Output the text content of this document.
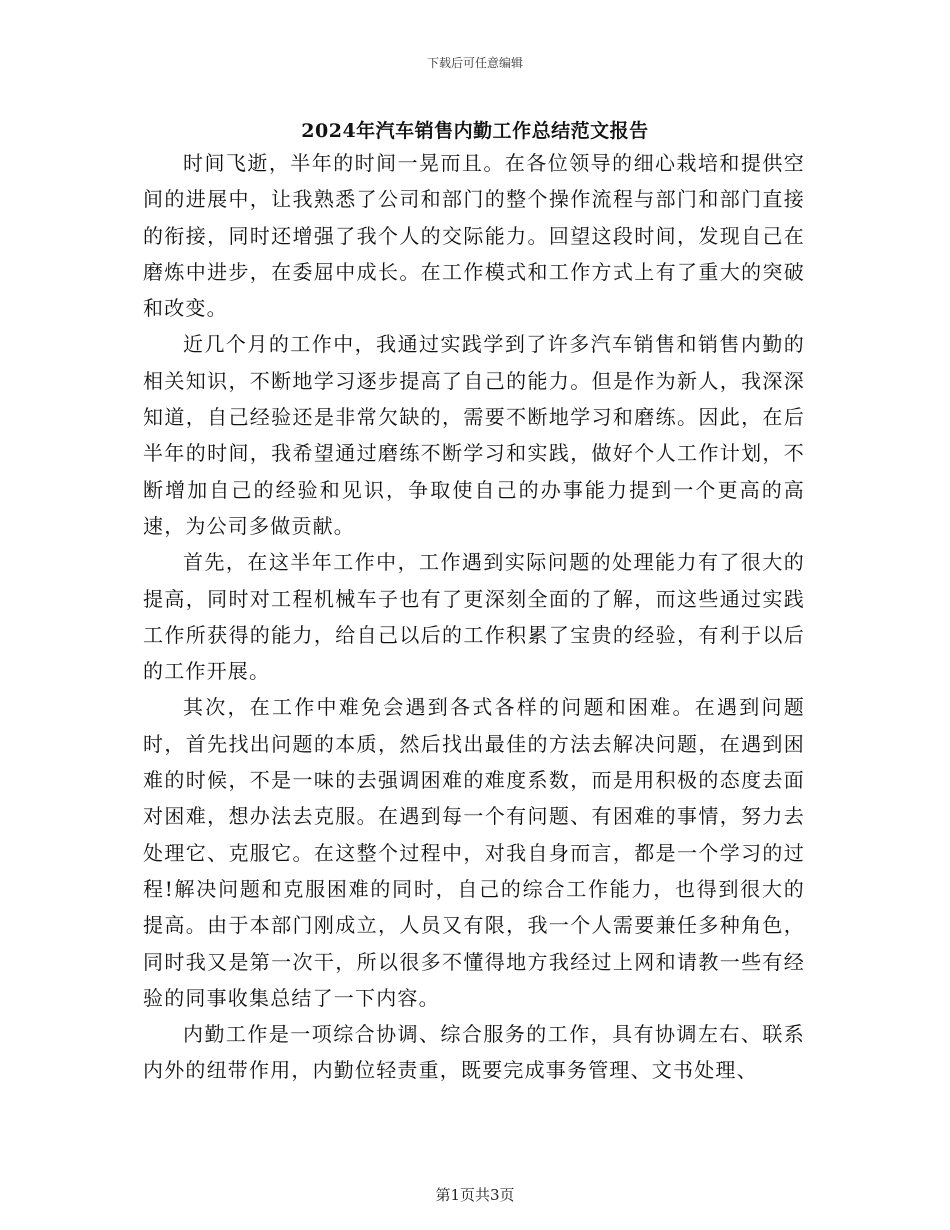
下载后可任意编辑
2024年汽车销售内勤工作总结范文报告

时间飞逝，半年的时间一晃而且。在各位领导的细心栽培和提供空间的进展中，让我熟悉了公司和部门的整个操作流程与部门和部门直接的衔接，同时还增强了我个人的交际能力。回望这段时间，发现自己在磨炼中进步，在委屈中成长。在工作模式和工作方式上有了重大的突破和改变。

近几个月的工作中，我通过实践学到了许多汽车销售和销售内勤的相关知识，不断地学习逐步提高了自己的能力。但是作为新人，我深深知道，自己经验还是非常欠缺的，需要不断地学习和磨练。因此，在后半年的时间，我希望通过磨练不断学习和实践，做好个人工作计划，不断增加自己的经验和见识，争取使自己的办事能力提到一个更高的高速，为公司多做贡献。

首先，在这半年工作中，工作遇到实际问题的处理能力有了很大的提高，同时对工程机械车子也有了更深刻全面的了解，而这些通过实践工作所获得的能力，给自己以后的工作积累了宝贵的经验，有利于以后的工作开展。

其次，在工作中难免会遇到各式各样的问题和困难。在遇到问题时，首先找出问题的本质，然后找出最佳的方法去解决问题，在遇到困难的时候，不是一味的去强调困难的难度系数，而是用积极的态度去面对困难，想办法去克服。在遇到每一个有问题、有困难的事情，努力去处理它、克服它。在这整个过程中，对我自身而言，都是一个学习的过程!解决问题和克服困难的同时，自己的综合工作能力，也得到很大的提高。由于本部门刚成立，人员又有限，我一个人需要兼任多种角色，同时我又是第一次干，所以很多不懂得地方我经过上网和请教一些有经验的同事收集总结了一下内容。

内勤工作是一项综合协调、综合服务的工作，具有协调左右、联系内外的纽带作用，内勤位轻责重，既要完成事务管理、文书处理、

第1页共3页
